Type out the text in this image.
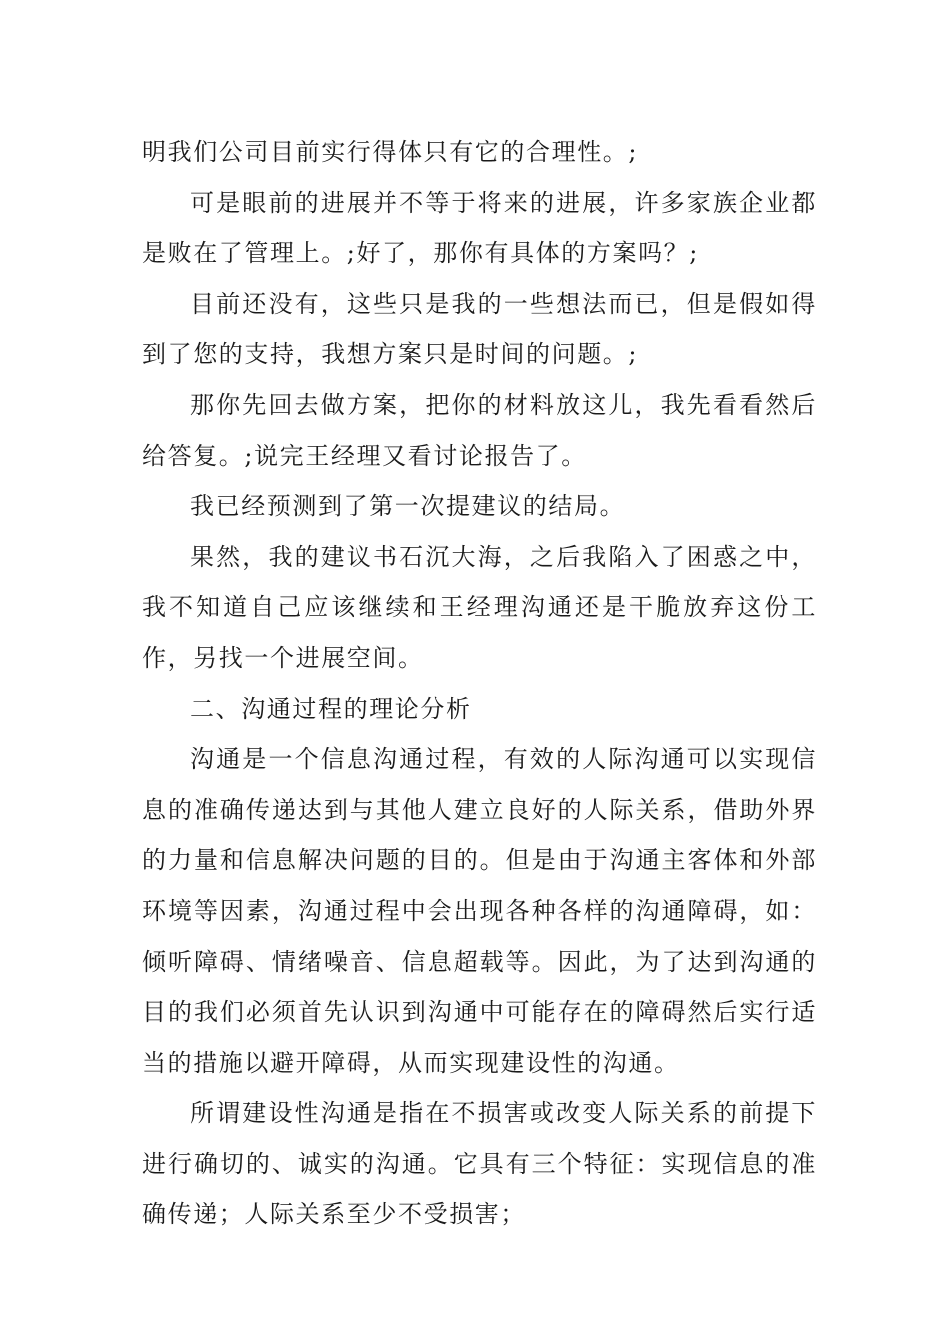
明我们公司目前实行得体只有它的合理性。;

可是眼前的进展并不等于将来的进展，许多家族企业都是败在了管理上。;好了，那你有具体的方案吗？;

目前还没有，这些只是我的一些想法而已，但是假如得到了您的支持，我想方案只是时间的问题。;

那你先回去做方案，把你的材料放这儿，我先看看然后给答复。;说完王经理又看讨论报告了。

我已经预测到了第一次提建议的结局。

果然，我的建议书石沉大海，之后我陷入了困惑之中，我不知道自己应该继续和王经理沟通还是干脆放弃这份工作，另找一个进展空间。

二、沟通过程的理论分析

沟通是一个信息沟通过程，有效的人际沟通可以实现信息的准确传递达到与其他人建立良好的人际关系，借助外界的力量和信息解决问题的目的。但是由于沟通主客体和外部环境等因素，沟通过程中会出现各种各样的沟通障碍，如：倾听障碍、情绪噪音、信息超载等。因此，为了达到沟通的目的我们必须首先认识到沟通中可能存在的障碍然后实行适当的措施以避开障碍，从而实现建设性的沟通。

所谓建设性沟通是指在不损害或改变人际关系的前提下进行确切的、诚实的沟通。它具有三个特征：实现信息的准确传递；人际关系至少不受损害；
